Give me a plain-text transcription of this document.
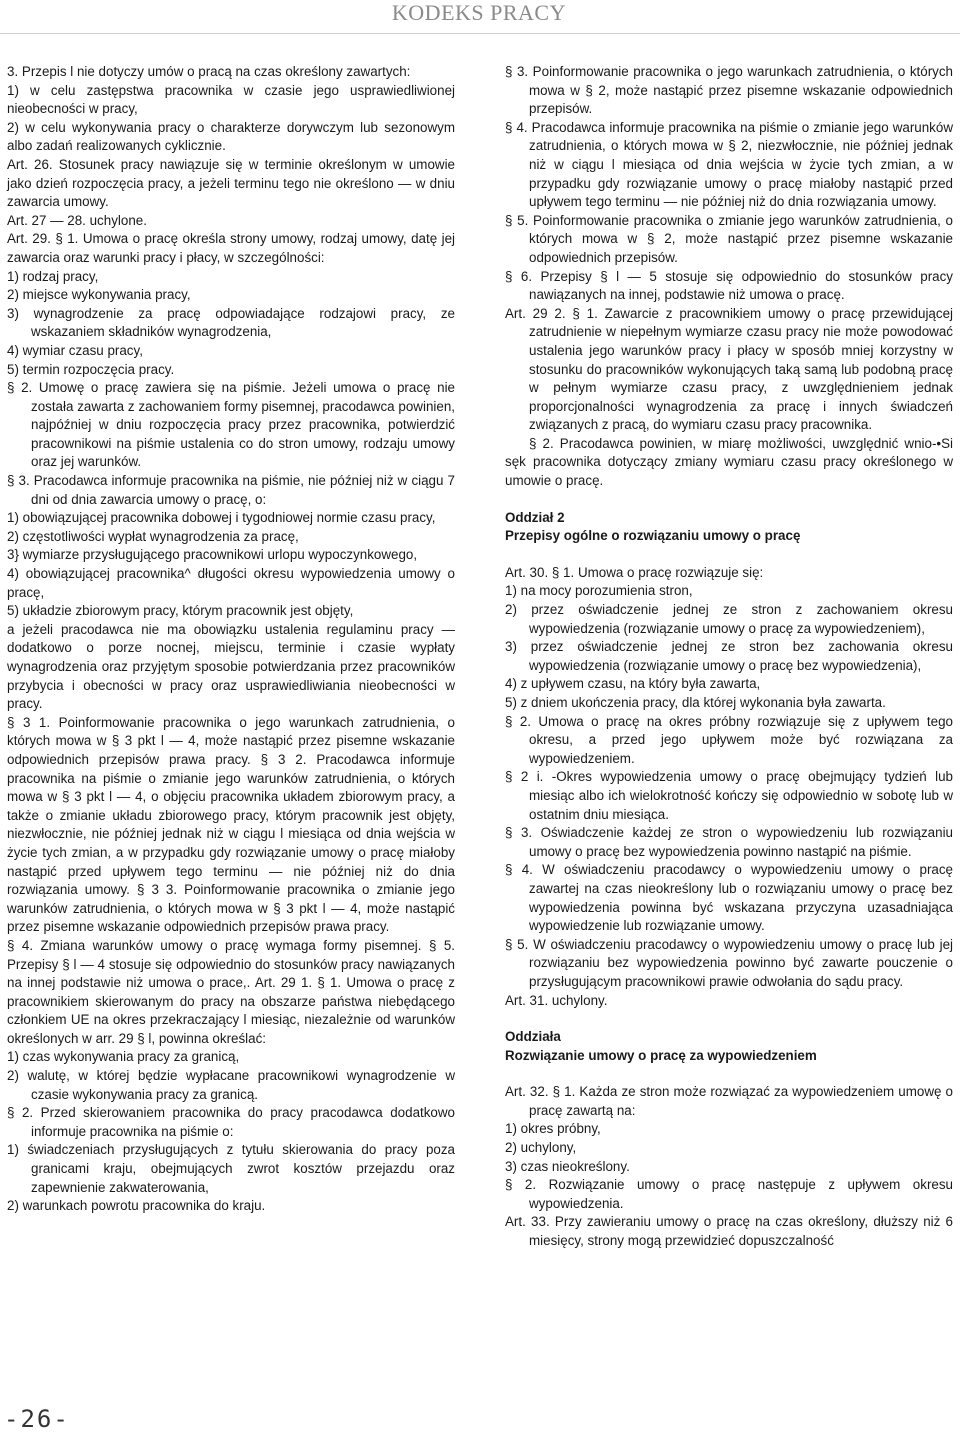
KODEKS PRACY

3. Przepis l nie dotyczy umów o pracą na czas określony zawartych:

1) w celu zastępstwa pracownika w czasie jego usprawiedliwionej nieobecności w pracy,

2) w celu wykonywania pracy o charakterze dorywczym lub sezonowym albo zadań realizowanych cyklicznie.

Art. 26. Stosunek pracy nawiązuje się w terminie określonym w umowie jako dzień rozpoczęcia pracy, a jeżeli terminu tego nie określono — w dniu zawarcia umowy.

Art. 27 — 28. uchylone.

Art. 29. § 1. Umowa o pracę określa strony umowy, rodzaj umowy, datę jej zawarcia oraz warunki pracy i płacy, w szczególności:

1) rodzaj pracy,

2) miejsce wykonywania pracy,

3) wynagrodzenie za pracę odpowiadające rodzajowi pracy, ze wskazaniem składników wynagrodzenia,

4) wymiar czasu pracy,

5) termin rozpoczęcia pracy.

§ 2. Umowę o pracę zawiera się na piśmie. Jeżeli umowa o pracę nie została zawarta z zachowaniem formy pisemnej, pracodawca powinien, najpóźniej w dniu rozpoczęcia pracy przez pracownika, potwierdzić pracownikowi na piśmie ustalenia co do stron umowy, rodzaju umowy oraz jej warunków.

§ 3. Pracodawca informuje pracownika na piśmie, nie później niż w ciągu 7 dni od dnia zawarcia umowy o pracę, o:

1) obowiązującej pracownika dobowej i tygodniowej normie czasu pracy,

2) częstotliwości wypłat wynagrodzenia za pracę,

3} wymiarze przysługującego pracownikowi urlopu wypoczynkowego,

4) obowiązującej pracownika^ długości okresu wypowiedzenia umowy o pracę,

5) układzie zbiorowym pracy, którym pracownik jest objęty,

a jeżeli pracodawca nie ma obowiązku ustalenia regulaminu pracy — dodatkowo o porze nocnej, miejscu, terminie i czasie wypłaty wynagrodzenia oraz przyjętym sposobie potwierdzania przez pracowników przybycia i obecności w pracy oraz usprawiedliwiania nieobecności w pracy.

§ 3 1. Poinformowanie pracownika o jego warunkach zatrudnienia, o których mowa w § 3 pkt l — 4, może nastąpić przez pisemne wskazanie odpowiednich przepisów prawa pracy. § 3 2. Pracodawca informuje pracownika na piśmie o zmianie jego warunków zatrudnienia, o których mowa w § 3 pkt l — 4, o objęciu pracownika układem zbiorowym pracy, a także o zmianie układu zbiorowego pracy, którym pracownik jest objęty, niezwłocznie, nie później jednak niż w ciągu l miesiąca od dnia wejścia w życie tych zmian, a w przypadku gdy rozwiązanie umowy o pracę miałoby nastąpić przed upływem tego terminu — nie później niż do dnia rozwiązania umowy. § 3 3. Poinformowanie pracownika o zmianie jego warunków zatrudnienia, o których mowa w § 3 pkt l — 4, może nastąpić przez pisemne wskazanie odpowiednich przepisów prawa pracy.

§ 4. Zmiana warunków umowy o pracę wymaga formy pisemnej. § 5. Przepisy § l — 4 stosuje się odpowiednio do stosunków pracy nawiązanych na innej podstawie niż umowa o prace,. Art. 29 1. § 1. Umowa o pracę z pracownikiem skierowanym do pracy na obszarze państwa niebędącego członkiem UE na okres przekraczający l miesiąc, niezależnie od warunków określonych w arr. 29 § l, powinna określać:

1) czas wykonywania pracy za granicą,

2) walutę, w której będzie wypłacane pracownikowi wynagrodzenie w czasie wykonywania pracy za granicą.

§ 2. Przed skierowaniem pracownika do pracy pracodawca dodatkowo informuje pracownika na piśmie o:

1) świadczeniach przysługujących z tytułu skierowania do pracy poza granicami kraju, obejmujących zwrot kosztów przejazdu oraz zapewnienie zakwaterowania,

2) warunkach powrotu pracownika do kraju.

§ 3. Poinformowanie pracownika o jego warunkach zatrudnienia, o których mowa w § 2, może nastąpić przez pisemne wskazanie odpowiednich przepisów.

§ 4. Pracodawca informuje pracownika na piśmie o zmianie jego warunków zatrudnienia, o których mowa w § 2, niezwłocznie, nie później jednak niż w ciągu l miesiąca od dnia wejścia w życie tych zmian, a w przypadku gdy rozwiązanie umowy o pracę miałoby nastąpić przed upływem tego terminu — nie później niż do dnia rozwiązania umowy.

§ 5. Poinformowanie pracownika o zmianie jego warunków zatrudnienia, o których mowa w § 2, może nastąpić przez pisemne wskazanie odpowiednich przepisów.

§ 6. Przepisy § l — 5 stosuje się odpowiednio do stosunków pracy nawiązanych na innej, podstawie niż umowa o pracę.

Art. 29 2. § 1. Zawarcie z pracownikiem umowy o pracę przewidującej zatrudnienie w niepełnym wymiarze czasu pracy nie może powodować ustalenia jego warunków pracy i płacy w sposób mniej korzystny w stosunku do pracowników wykonujących taką samą lub podobną pracę w pełnym wymiarze czasu pracy, z uwzględnieniem jednak proporcjonalności wynagrodzenia za pracę i innych świadczeń związanych z pracą, do wymiaru czasu pracy pracownika.

§ 2. Pracodawca powinien, w miarę możliwości, uwzględnić wnio-•Si sęk pracownika dotyczący zmiany wymiaru czasu pracy określonego w umowie o pracę.

Oddział 2

Przepisy ogólne o rozwiązaniu umowy o pracę

Art. 30. § 1. Umowa o pracę rozwiązuje się:

1) na mocy porozumienia stron,

2) przez oświadczenie jednej ze stron z zachowaniem okresu wypowiedzenia (rozwiązanie umowy o pracę za wypowiedzeniem),

3) przez oświadczenie jednej ze stron bez zachowania okresu wypowiedzenia (rozwiązanie umowy o pracę bez wypowiedzenia),

4) z upływem czasu, na który była zawarta,

5) z dniem ukończenia pracy, dla której wykonania była zawarta.

§ 2. Umowa o pracę na okres próbny rozwiązuje się z upływem tego okresu, a przed jego upływem może być rozwiązana za wypowiedzeniem.

§ 2 i. -Okres wypowiedzenia umowy o pracę obejmujący tydzień lub miesiąc albo ich wielokrotność kończy się odpowiednio w sobotę lub w ostatnim dniu miesiąca.

§ 3. Oświadczenie każdej ze stron o wypowiedzeniu lub rozwiązaniu umowy o pracę bez wypowiedzenia powinno nastąpić na piśmie.

§ 4. W oświadczeniu pracodawcy o wypowiedzeniu umowy o pracę zawartej na czas nieokreślony lub o rozwiązaniu umowy o pracę bez wypowiedzenia powinna być wskazana przyczyna uzasadniająca wypowiedzenie lub rozwiązanie umowy.

§ 5. W oświadczeniu pracodawcy o wypowiedzeniu umowy o pracę lub jej rozwiązaniu bez wypowiedzenia powinno być zawarte pouczenie o przysługującym pracownikowi prawie odwołania do sądu pracy.

Art. 31. uchylony.

Oddziała

Rozwiązanie umowy o pracę za wypowiedzeniem

Art. 32. § 1. Każda ze stron może rozwiązać za wypowiedzeniem umowę o pracę zawartą na:

1) okres próbny,

2) uchylony,

3) czas nieokreślony.

§ 2. Rozwiązanie umowy o pracę następuje z upływem okresu wypowiedzenia.

Art. 33. Przy zawieraniu umowy o pracę na czas określony, dłuższy niż 6 miesięcy, strony mogą przewidzieć dopuszczalność

-26-
